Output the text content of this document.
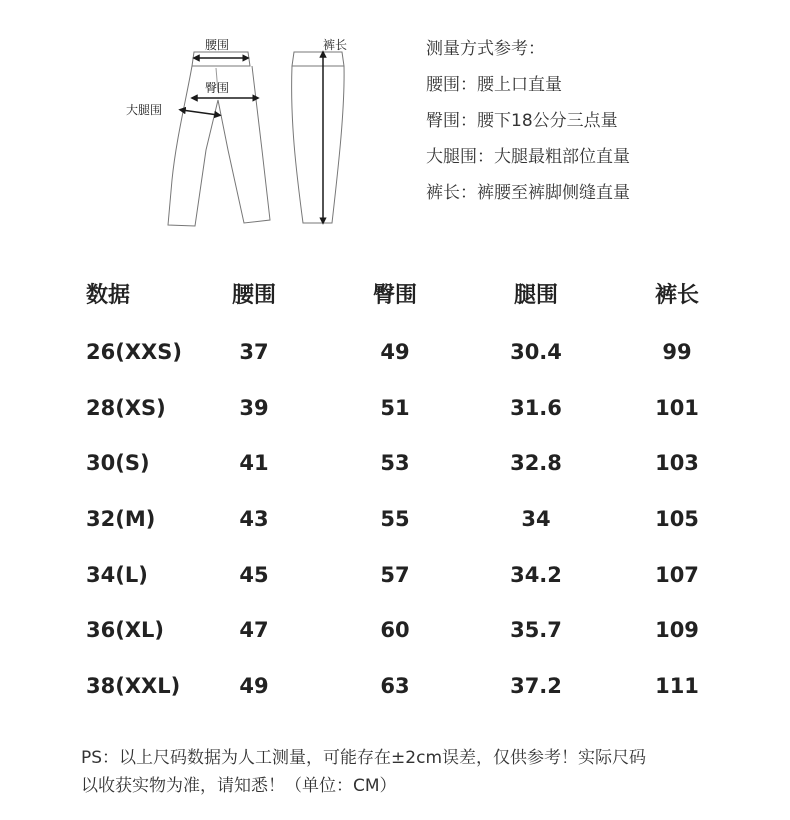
腰围
臀围
大腿围
裤长	测量方式参考：
腰围：腰上口直量
臀围：腰下18公分三点量
大腿围：大腿最粗部位直量
裤长：裤腰至裤脚侧缝直量
数据	腰围	臀围	腿围	裤长
26(XXS)	37	49	30.4	99
28(XS)	39	51	31.6	101
30(S)	41	53	32.8	103
32(M)	43	55	34	105
34(L)	45	57	34.2	107
36(XL)	47	60	35.7	109
38(XXL)	49	63	37.2	111
PS：以上尺码数据为人工测量，可能存在±2cm误差，仅供参考！实际尺码
以收获实物为准，请知悉！（单位：CM）
